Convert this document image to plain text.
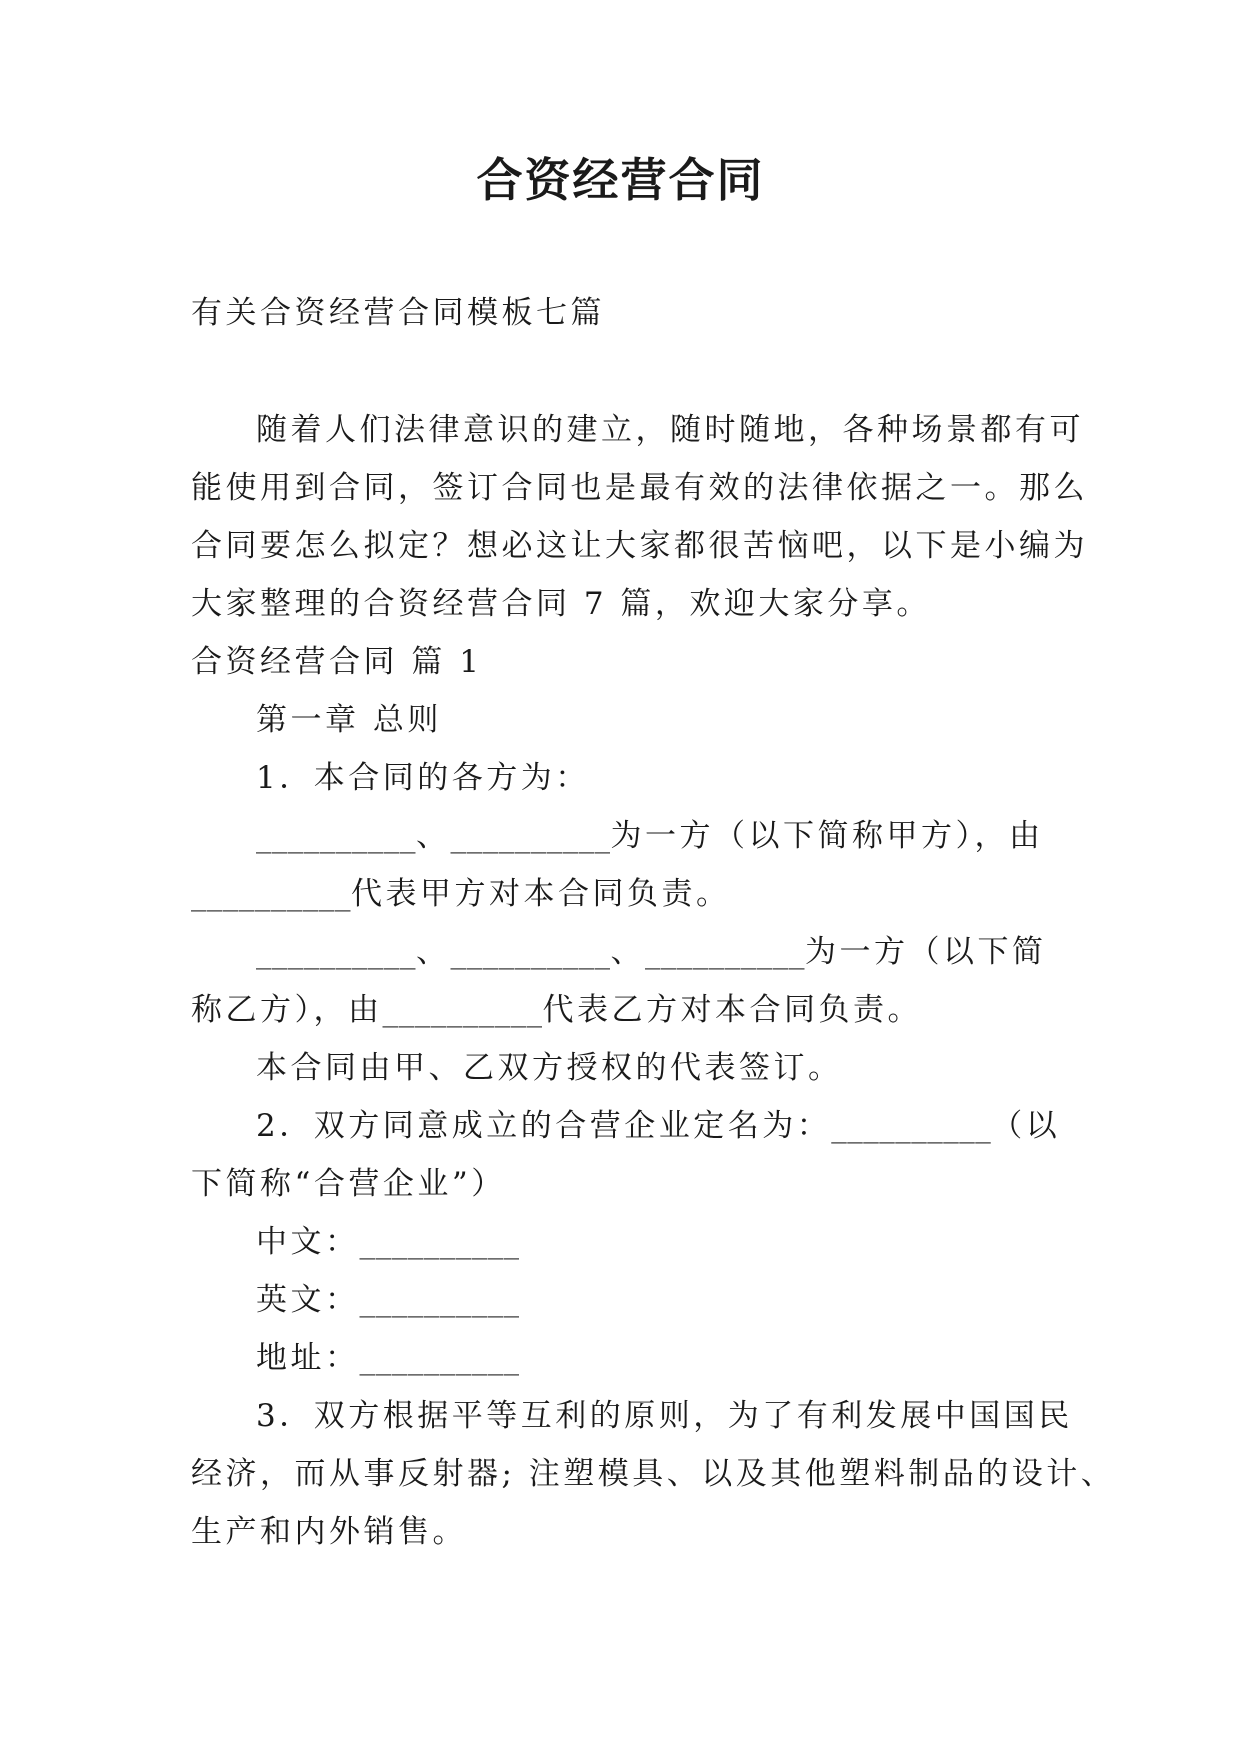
合资经营合同
有关合资经营合同模板七篇
随着人们法律意识的建立，随时随地，各种场景都有可
能使用到合同，签订合同也是最有效的法律依据之一。那么
合同要怎么拟定？想必这让大家都很苦恼吧，以下是小编为
大家整理的合资经营合同 7 篇，欢迎大家分享。
合资经营合同 篇 1
第一章 总则
1．本合同的各方为：
__________、__________为一方（以下简称甲方），由
__________代表甲方对本合同负责。
__________、__________、__________为一方（以下简
称乙方），由__________代表乙方对本合同负责。
本合同由甲、乙双方授权的代表签订。
2．双方同意成立的合营企业定名为：__________（以
下简称“合营企业”）
中文：__________
英文：__________
地址：__________
3．双方根据平等互利的原则，为了有利发展中国国民
经济，而从事反射器; 注塑模具、以及其他塑料制品的设计、
生产和内外销售。
